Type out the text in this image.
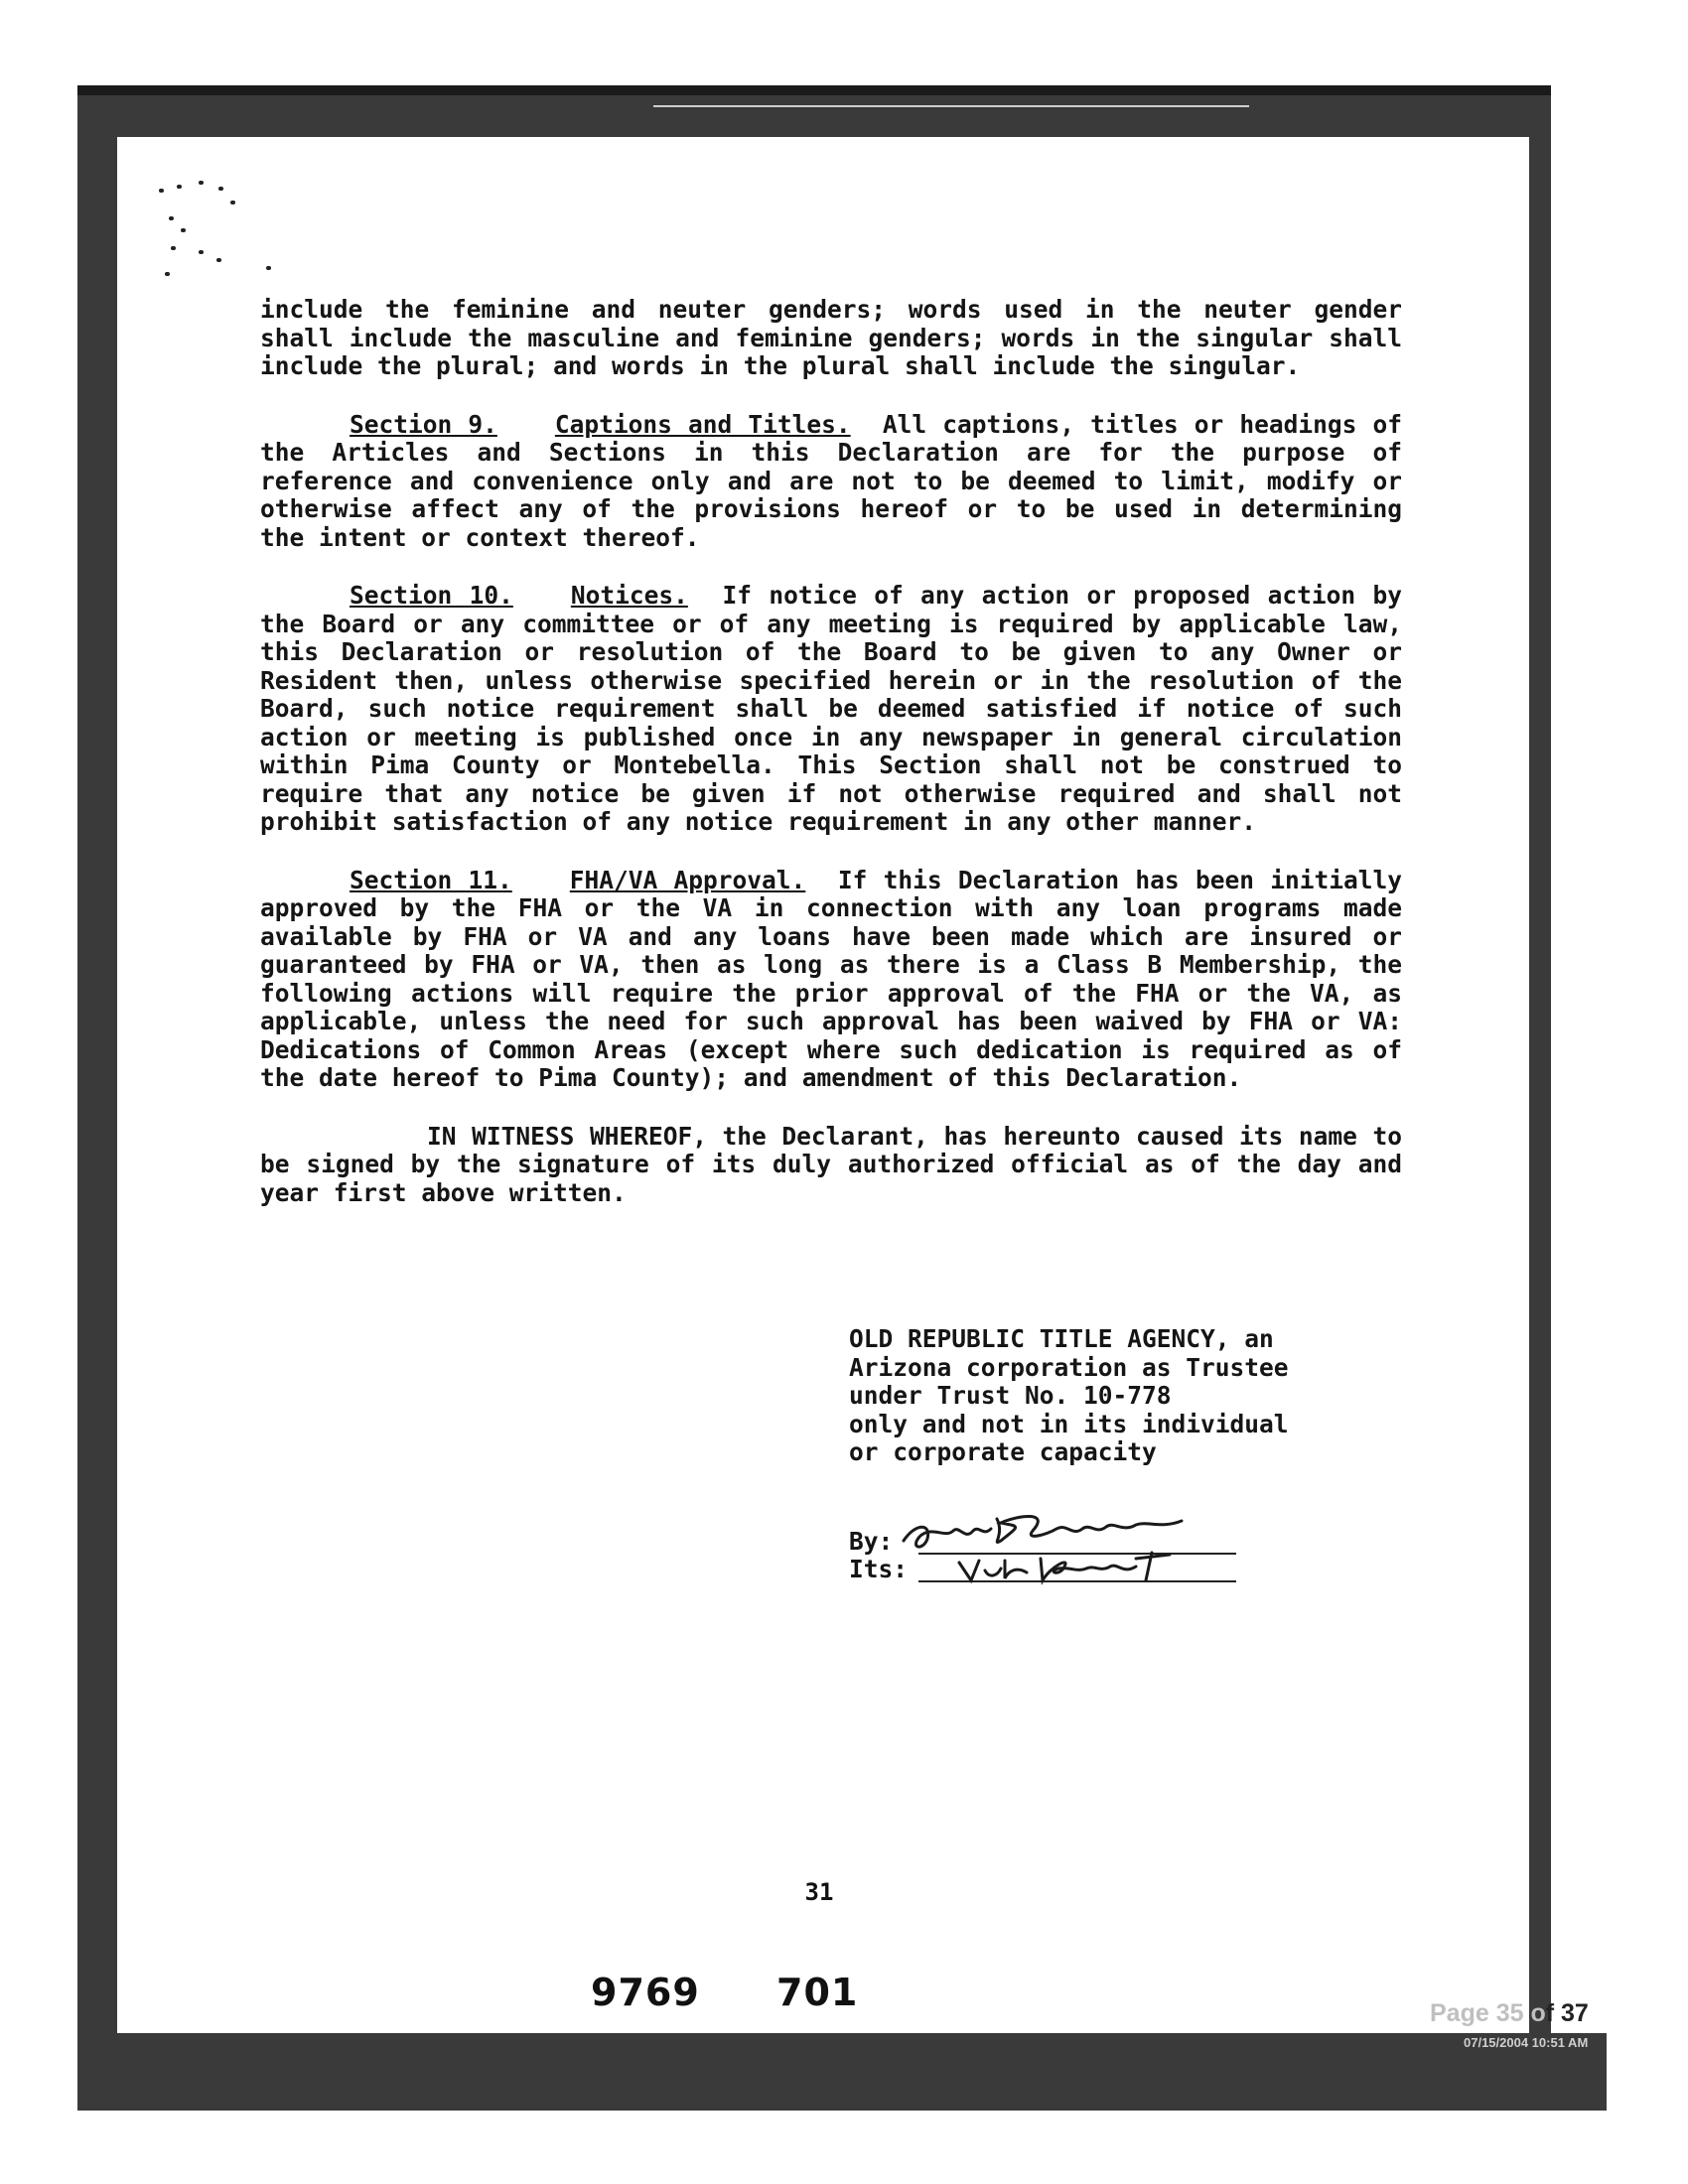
include the feminine and neuter genders; words used in the neuter gender shall include the masculine and feminine genders; words in the singular shall include the plural; and words in the plural shall include the singular.

Section 9. Captions and Titles. All captions, titles or headings of the Articles and Sections in this Declaration are for the purpose of reference and convenience only and are not to be deemed to limit, modify or otherwise affect any of the provisions hereof or to be used in determining the intent or context thereof.

Section 10. Notices. If notice of any action or proposed action by the Board or any committee or of any meeting is required by applicable law, this Declaration or resolution of the Board to be given to any Owner or Resident then, unless otherwise specified herein or in the resolution of the Board, such notice requirement shall be deemed satisfied if notice of such action or meeting is published once in any newspaper in general circulation within Pima County or Montebella. This Section shall not be construed to require that any notice be given if not otherwise required and shall not prohibit satisfaction of any notice requirement in any other manner.

Section 11. FHA/VA Approval. If this Declaration has been initially approved by the FHA or the VA in connection with any loan programs made available by FHA or VA and any loans have been made which are insured or guaranteed by FHA or VA, then as long as there is a Class B Membership, the following actions will require the prior approval of the FHA or the VA, as applicable, unless the need for such approval has been waived by FHA or VA: Dedications of Common Areas (except where such dedication is required as of the date hereof to Pima County); and amendment of this Declaration.

IN WITNESS WHEREOF, the Declarant, has hereunto caused its name to be signed by the signature of its duly authorized official as of the day and year first above written.

OLD REPUBLIC TITLE AGENCY, an
Arizona corporation as Trustee
under Trust No. 10-778
only and not in its individual
or corporate capacity
By:
Its:
31
9769 701	Page 35 of 37
07/15/2004 10:51 AM
